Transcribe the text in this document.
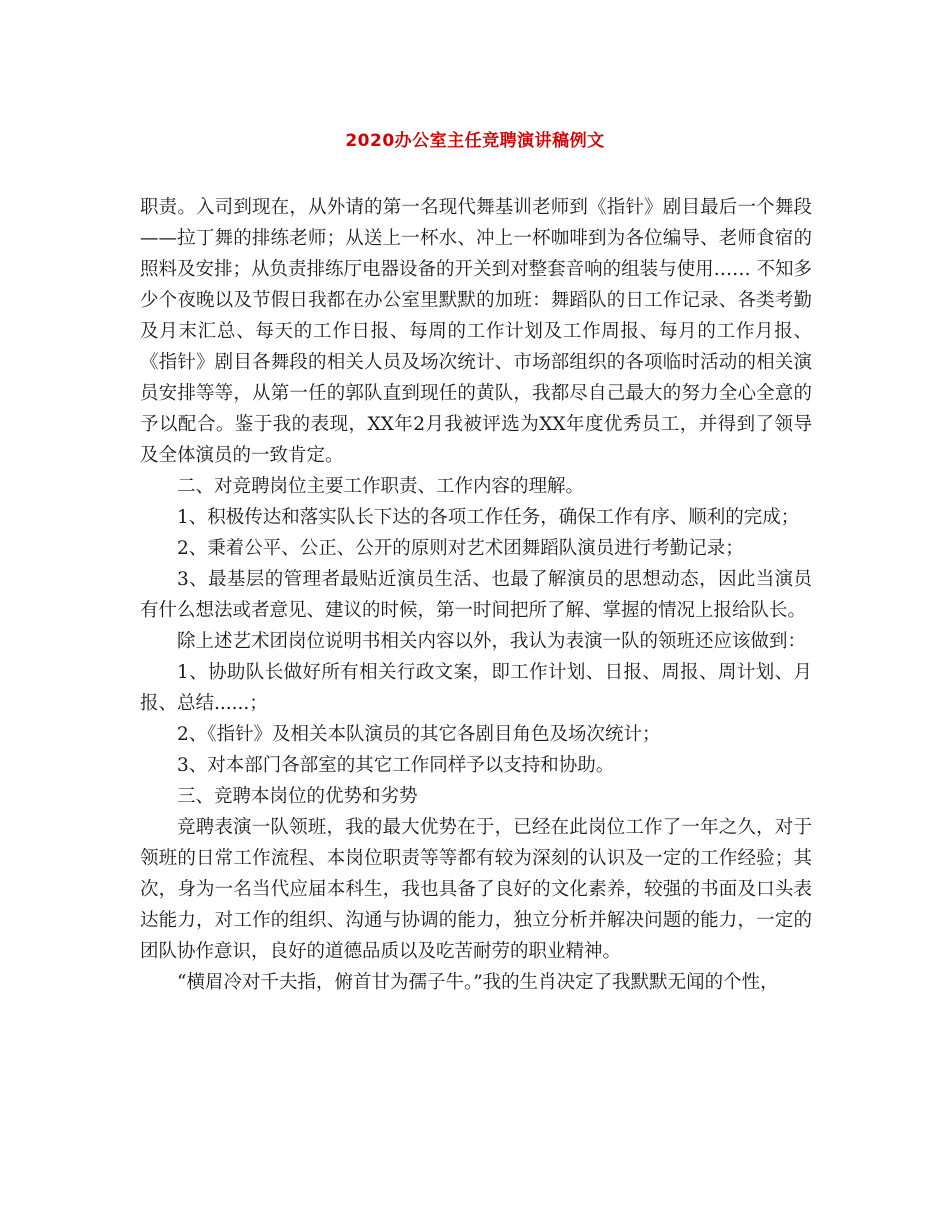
2020办公室主任竞聘演讲稿例文

职责。入司到现在，从外请的第一名现代舞基训老师到《指针》剧目最后一个舞段——拉丁舞的排练老师；从送上一杯水、冲上一杯咖啡到为各位编导、老师食宿的照料及安排；从负责排练厅电器设备的开关到对整套音响的组装与使用…… 不知多少个夜晚以及节假日我都在办公室里默默的加班：舞蹈队的日工作记录、各类考勤及月末汇总、每天的工作日报、每周的工作计划及工作周报、每月的工作月报、《指针》剧目各舞段的相关人员及场次统计、市场部组织的各项临时活动的相关演员安排等等，从第一任的郭队直到现任的黄队，我都尽自己最大的努力全心全意的予以配合。鉴于我的表现，XX年2月我被评选为XX年度优秀员工，并得到了领导及全体演员的一致肯定。

二、对竞聘岗位主要工作职责、工作内容的理解。

1、积极传达和落实队长下达的各项工作任务，确保工作有序、顺利的完成；

2、秉着公平、公正、公开的原则对艺术团舞蹈队演员进行考勤记录；

3、最基层的管理者最贴近演员生活、也最了解演员的思想动态，因此当演员有什么想法或者意见、建议的时候，第一时间把所了解、掌握的情况上报给队长。

除上述艺术团岗位说明书相关内容以外，我认为表演一队的领班还应该做到：

1、协助队长做好所有相关行政文案，即工作计划、日报、周报、周计划、月报、总结......；

2、《指针》及相关本队演员的其它各剧目角色及场次统计；

3、对本部门各部室的其它工作同样予以支持和协助。

三、竞聘本岗位的优势和劣势

竞聘表演一队领班，我的最大优势在于，已经在此岗位工作了一年之久，对于领班的日常工作流程、本岗位职责等等都有较为深刻的认识及一定的工作经验；其次，身为一名当代应届本科生，我也具备了良好的文化素养，较强的书面及口头表达能力，对工作的组织、沟通与协调的能力，独立分析并解决问题的能力，一定的团队协作意识，良好的道德品质以及吃苦耐劳的职业精神。

“横眉冷对千夫指，俯首甘为孺子牛。”我的生肖决定了我默默无闻的个性，
